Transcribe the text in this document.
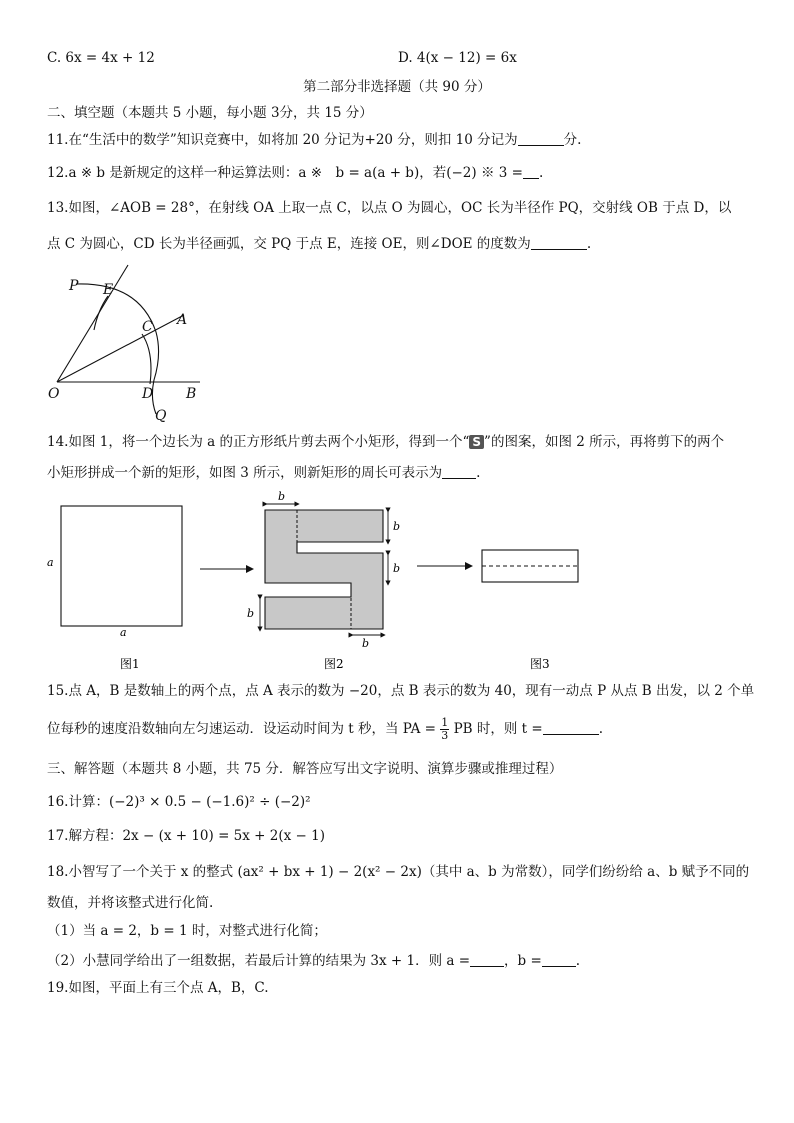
C. 6x = 4x + 12	D. 4(x − 12) = 6x
第二部分非选择题（共 90 分）
二、填空题（本题共 5 小题，每小题 3分，共 15 分）
11.在“生活中的数学”知识竞赛中，如将加 20 分记为+20 分，则扣 10 分记为	分.
12.a ※ b 是新规定的这样一种运算法则：a ※　b = a(a + b)，若(−2) ※ 3 = .
13.如图，∠AOB = 28°，在射线 OA 上取一点 C，以点 O 为圆心，OC 长为半径作 PQ，交射线 OB 于点 D，以
点 C 为圆心，CD 长为半径画弧，交 PQ 于点 E，连接 OE，则∠DOE 的度数为	.
P E
C A
O	D B
Q
14.如图 1，将一个边长为 a 的正方形纸片剪去两个小矩形，得到一个“ S ”的图案，如图 2 所示，再将剪下的两个
小矩形拼成一个新的矩形，如图 3 所示，则新矩形的周长可表示为	.
a
a
b
b
b
b
b
图1	图2	图3
15.点 A，B 是数轴上的两个点，点 A 表示的数为 −20，点 B 表示的数为 40，现有一动点 P 从点 B 出发，以 2 个单
位每秒的速度沿数轴向左匀速运动．设运动时间为 t 秒，当 PA = $\frac{1}{3}$ PB 时，则 t =	.
三、解答题（本题共 8 小题，共 75 分．解答应写出文字说明、演算步骤或推理过程）
16.计算：(−2)³ × 0.5 − (−1.6)² ÷ (−2)²
17.解方程：2x − (x + 10) = 5x + 2(x − 1)
18.小智写了一个关于 x 的整式 (ax² + bx + 1) − 2(x² − 2x)（其中 a、b 为常数），同学们纷纷给 a、b 赋予不同的
数值，并将该整式进行化简.
（1）当 a = 2，b = 1 时，对整式进行化简；
（2）小慧同学给出了一组数据，若最后计算的结果为 3x + 1．则 a =	，b =	.
19.如图，平面上有三个点 A，B，C.
